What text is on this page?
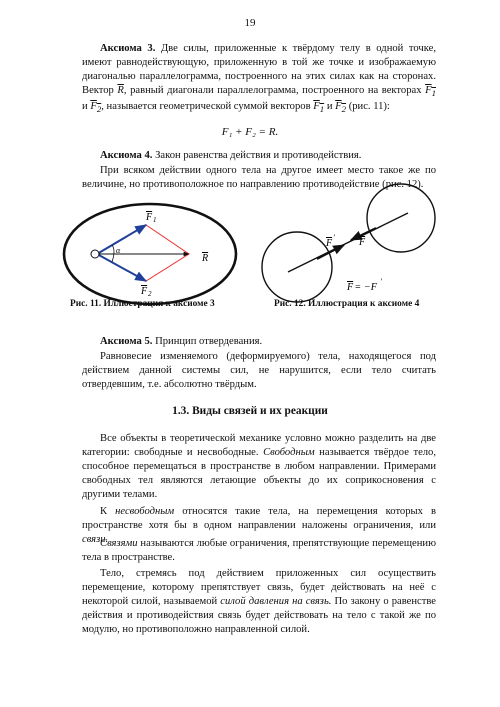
19
Аксиома 3. Две силы, приложенные к твёрдому телу в одной точке, имеют равнодействующую, приложенную в той же точке и изображаемую диагональю параллелограмма, построенного на этих силах как на сторонах. Вектор $\overline{R}$, равный диагонали параллелограмма, построенного на векторах $F_1$ и $F_2$, называется геометрической суммой векторов $F_1$ и $F_2$ (рис. 11):
F₁ + F₂ = R.
Аксиома 4. Закон равенства действия и противодействия.
При всяком действии одного тела на другое имеет место такое же по величине, но противоположное по направлению противодействие (рис. 12).
F 1
F 2
R
α
F
′ F
F = −F
′
Рис. 11. Иллюстрация к аксиоме 3	Рис. 12. Иллюстрация к аксиоме 4
Аксиома 5. Принцип отвердевания.
Равновесие изменяемого (деформируемого) тела, находящегося под действием данной системы сил, не нарушится, если тело считать отвердевшим, т.е. абсолютно твёрдым.
1.3. Виды связей и их реакции
Все объекты в теоретической механике условно можно разделить на две категории: свободные и несвободные. Свободным называется твёрдое тело, способное перемещаться в пространстве в любом направлении. Примерами свободных тел являются летающие объекты до их соприкосновения с другими телами.
К несвободным относятся такие тела, на перемещения которых в пространстве хотя бы в одном направлении наложены ограничения, или связи.
Связями называются любые ограничения, препятствующие перемещению тела в пространстве.
Тело, стремясь под действием приложенных сил осуществить перемещение, которому препятствует связь, будет действовать на неё с некоторой силой, называемой силой давления на связь. По закону о равенстве действия и противодействия связь будет действовать на тело с такой же по модулю, но противоположно направленной силой.
